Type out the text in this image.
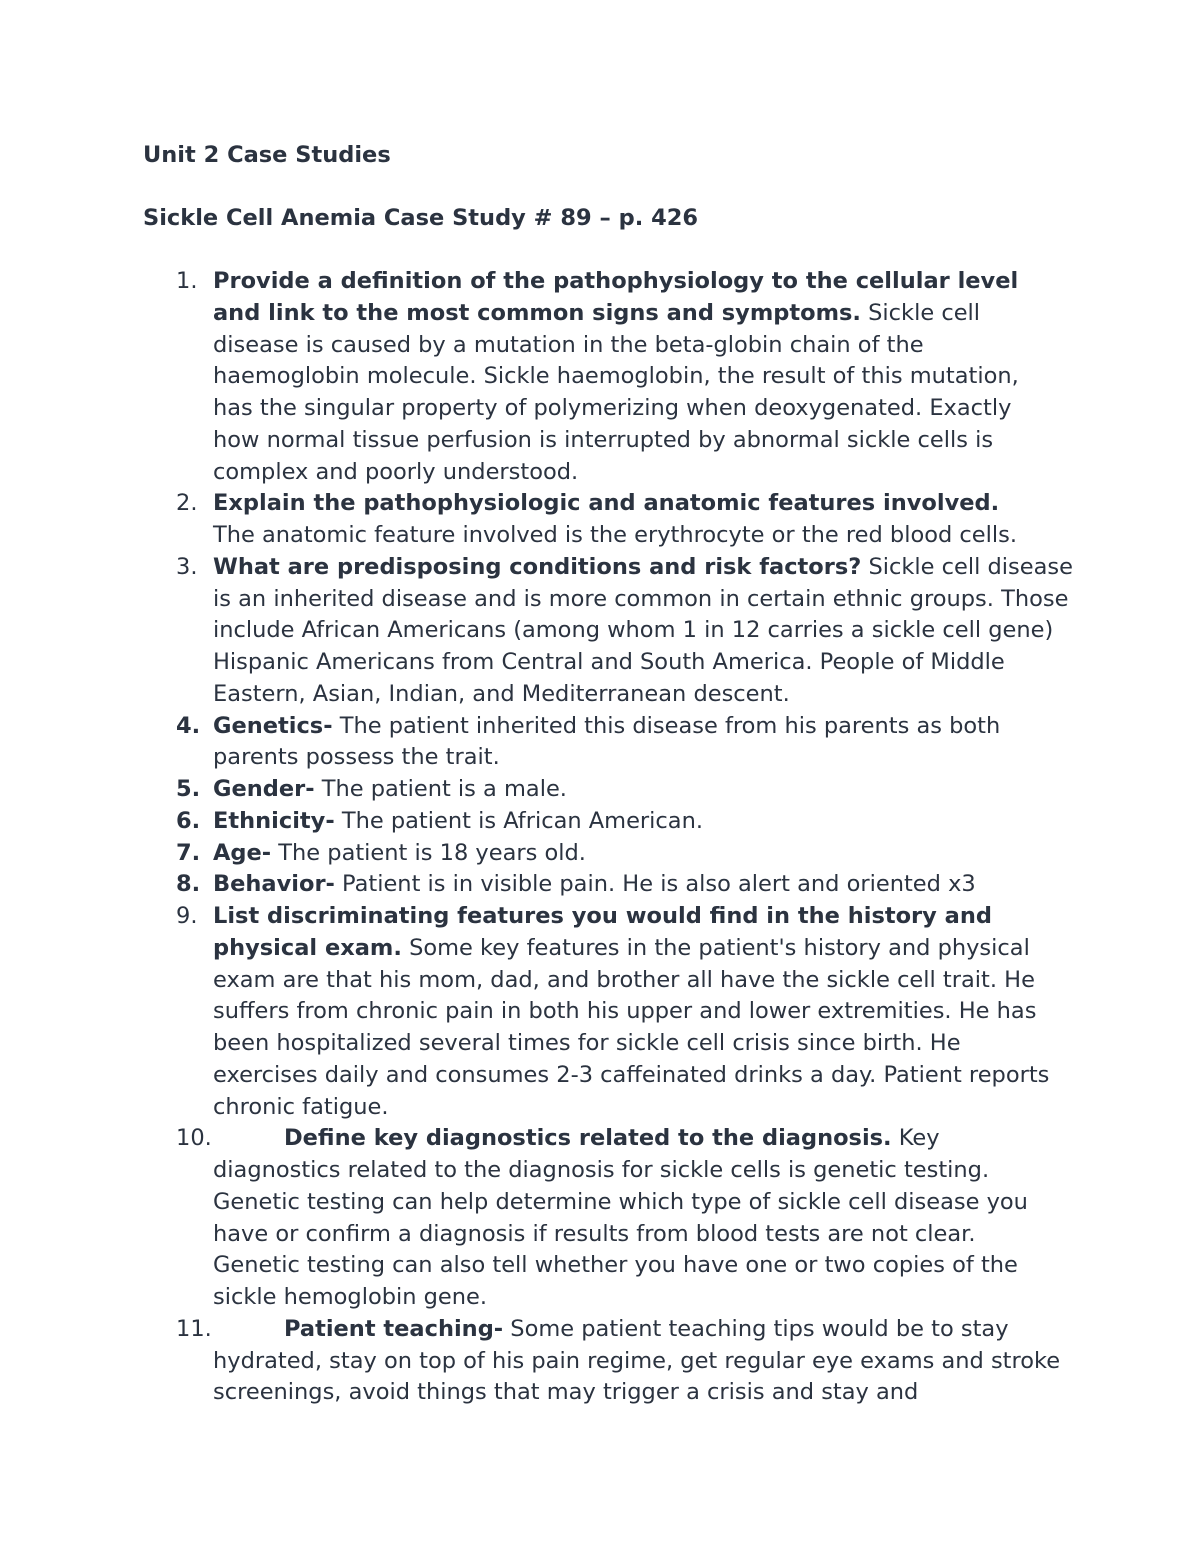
Unit 2 Case Studies
Sickle Cell Anemia Case Study # 89 – p. 426
1. Provide a definition of the pathophysiology to the cellular level and link to the most common signs and symptoms. Sickle cell disease is caused by a mutation in the beta-globin chain of the haemoglobin molecule. Sickle haemoglobin, the result of this mutation, has the singular property of polymerizing when deoxygenated. Exactly how normal tissue perfusion is interrupted by abnormal sickle cells is complex and poorly understood.
2. Explain the pathophysiologic and anatomic features involved. The anatomic feature involved is the erythrocyte or the red blood cells.
3. What are predisposing conditions and risk factors? Sickle cell disease is an inherited disease and is more common in certain ethnic groups. Those include African Americans (among whom 1 in 12 carries a sickle cell gene) Hispanic Americans from Central and South America. People of Middle Eastern, Asian, Indian, and Mediterranean descent.
4. Genetics- The patient inherited this disease from his parents as both parents possess the trait.
5. Gender- The patient is a male.
6. Ethnicity- The patient is African American.
7. Age- The patient is 18 years old.
8. Behavior- Patient is in visible pain. He is also alert and oriented x3
9. List discriminating features you would find in the history and physical exam. Some key features in the patient's history and physical exam are that his mom, dad, and brother all have the sickle cell trait. He suffers from chronic pain in both his upper and lower extremities. He has been hospitalized several times for sickle cell crisis since birth. He exercises daily and consumes 2-3 caffeinated drinks a day. Patient reports chronic fatigue.
10.	Define key diagnostics related to the diagnosis. Key diagnostics related to the diagnosis for sickle cells is genetic testing. Genetic testing can help determine which type of sickle cell disease you have or confirm a diagnosis if results from blood tests are not clear. Genetic testing can also tell whether you have one or two copies of the sickle hemoglobin gene.
11.	Patient teaching- Some patient teaching tips would be to stay hydrated, stay on top of his pain regime, get regular eye exams and stroke screenings, avoid things that may trigger a crisis and stay and
